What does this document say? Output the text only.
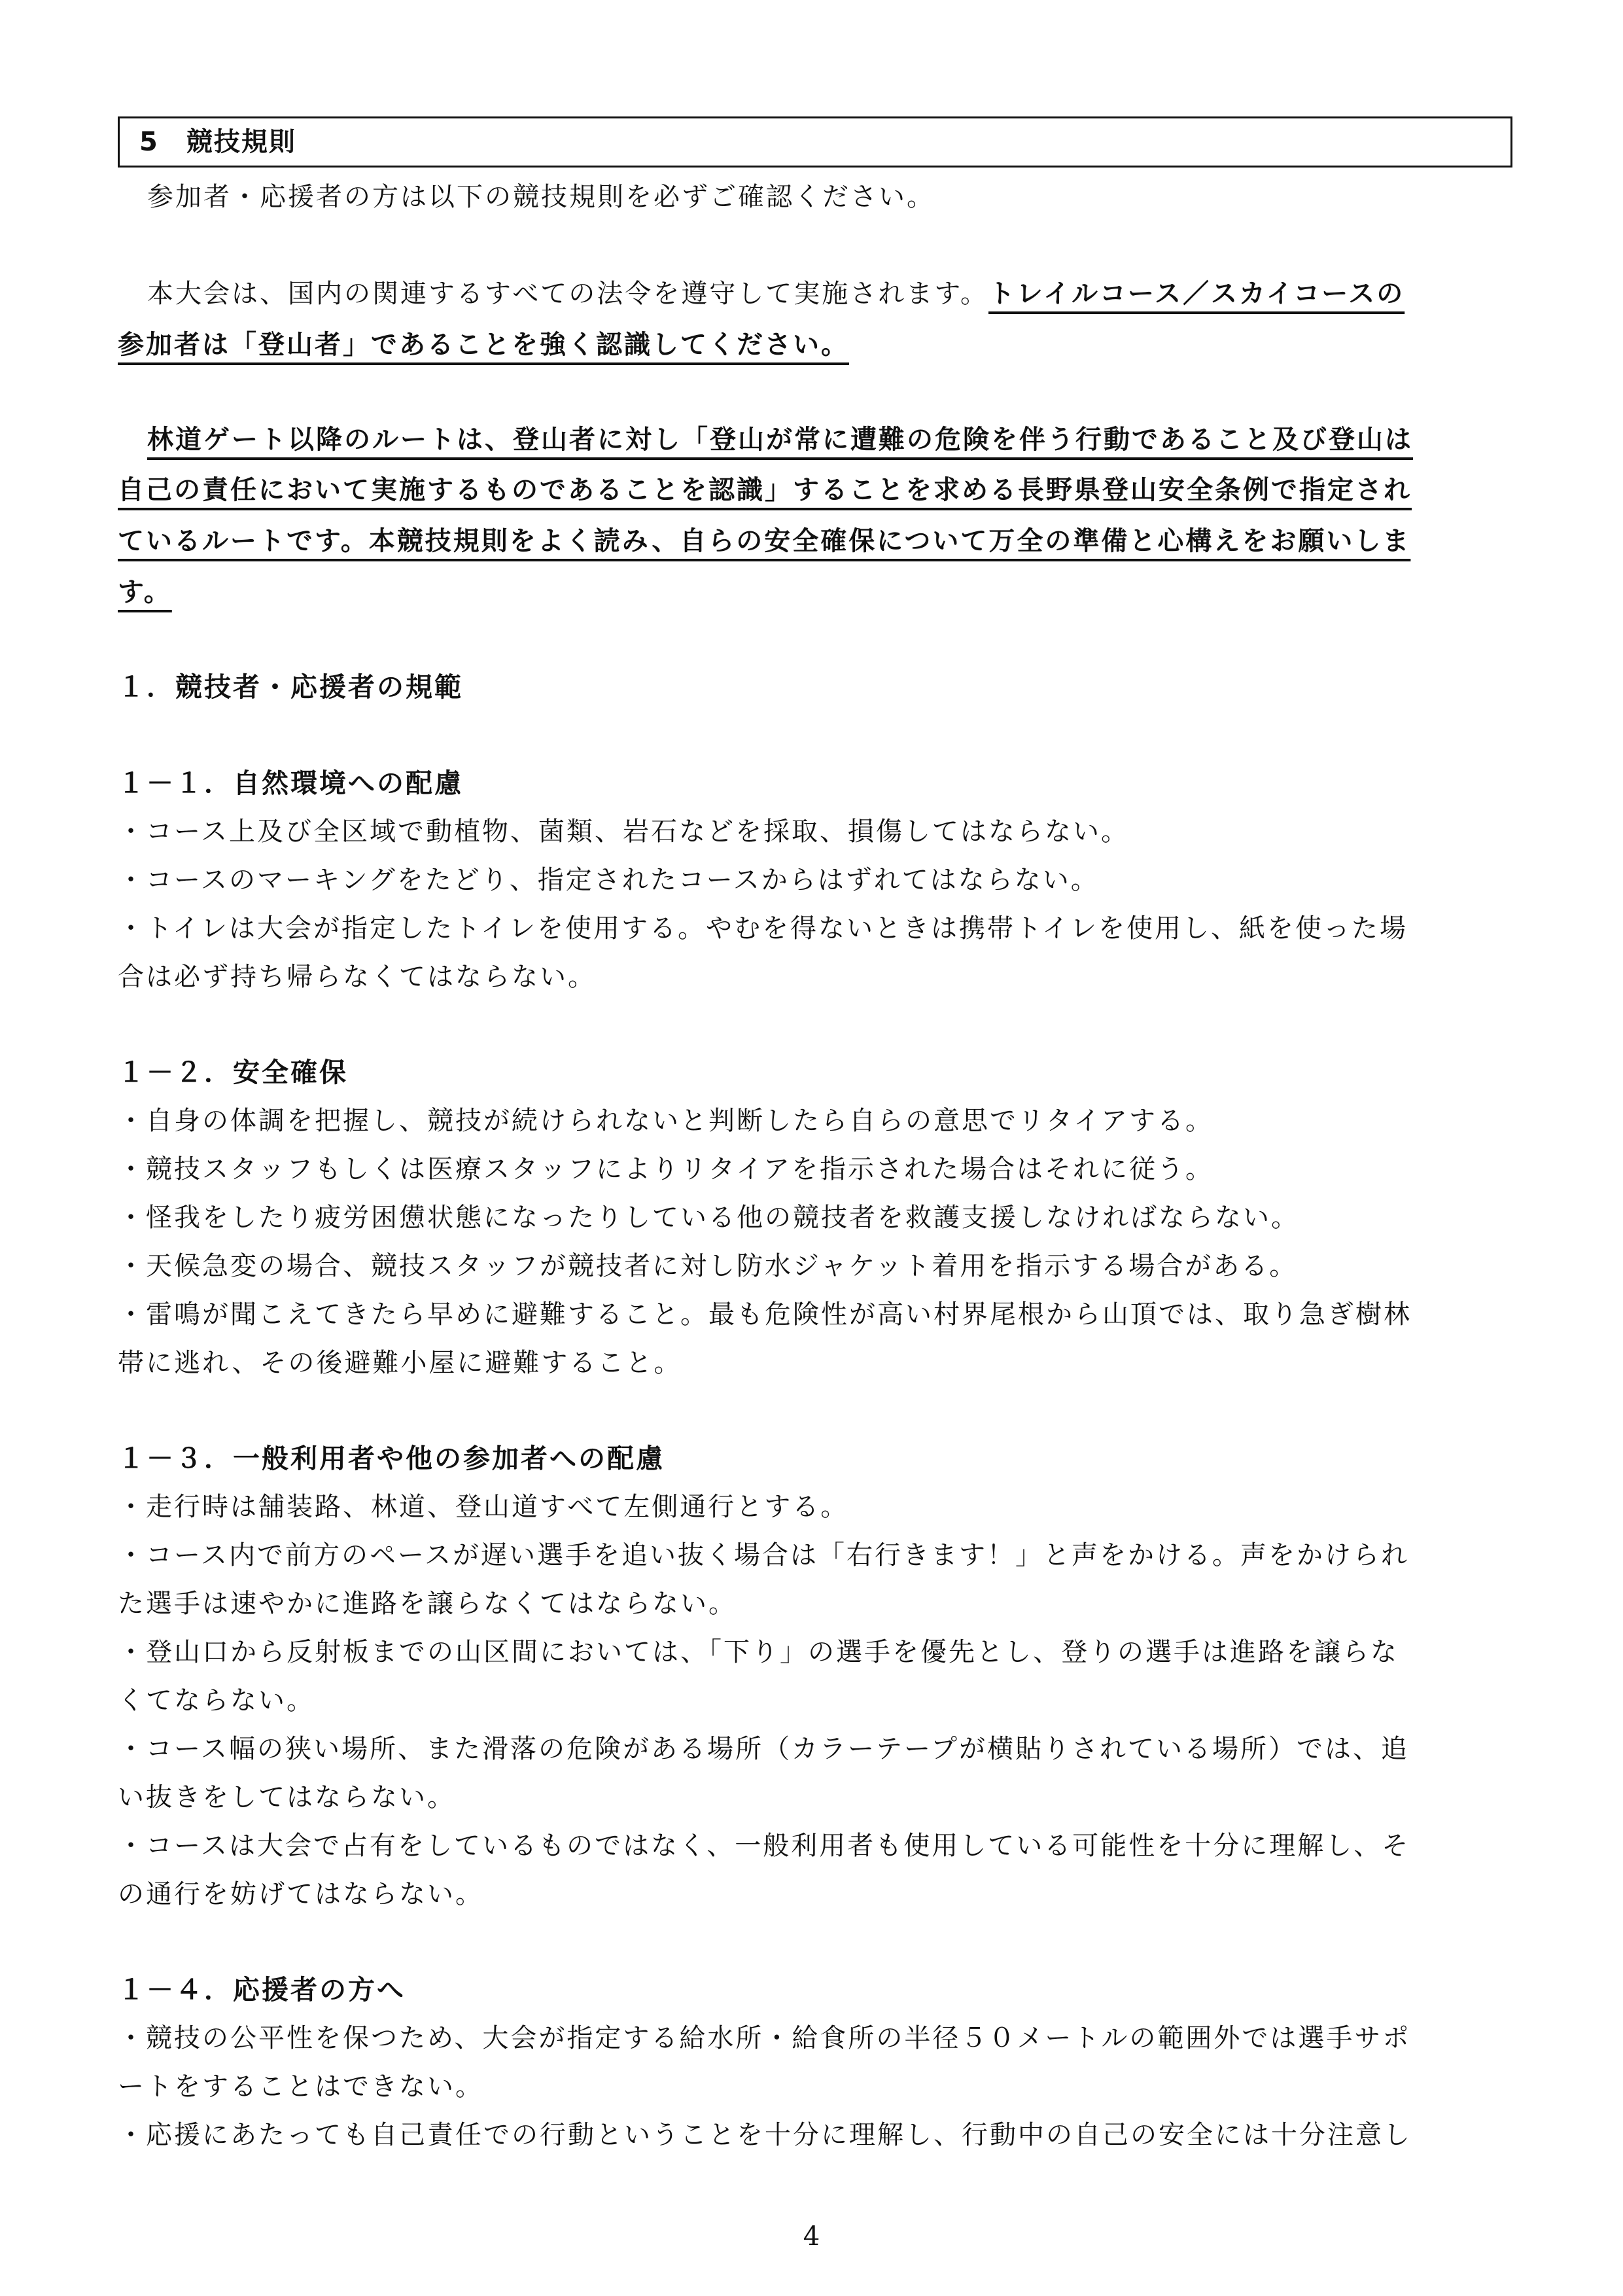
5　競技規則
参加者・応援者の方は以下の競技規則を必ずご確認ください。
本大会は、国内の関連するすべての法令を遵守して実施されます。トレイルコース／スカイコースの
参加者は「登山者」であることを強く認識してください。
林道ゲート以降のルートは、登山者に対し「登山が常に遭難の危険を伴う行動であること及び登山は
自己の責任において実施するものであることを認識」することを求める長野県登山安全条例で指定され
ているルートです。本競技規則をよく読み、自らの安全確保について万全の準備と心構えをお願いしま
す。
１．競技者・応援者の規範
１－１．自然環境への配慮
・コース上及び全区域で動植物、菌類、岩石などを採取、損傷してはならない。
・コースのマーキングをたどり、指定されたコースからはずれてはならない。
・トイレは大会が指定したトイレを使用する。やむを得ないときは携帯トイレを使用し、紙を使った場
合は必ず持ち帰らなくてはならない。
１－２．安全確保
・自身の体調を把握し、競技が続けられないと判断したら自らの意思でリタイアする。
・競技スタッフもしくは医療スタッフによりリタイアを指示された場合はそれに従う。
・怪我をしたり疲労困憊状態になったりしている他の競技者を救護支援しなければならない。
・天候急変の場合、競技スタッフが競技者に対し防水ジャケット着用を指示する場合がある。
・雷鳴が聞こえてきたら早めに避難すること。最も危険性が高い村界尾根から山頂では、取り急ぎ樹林
帯に逃れ、その後避難小屋に避難すること。
１－３．一般利用者や他の参加者への配慮
・走行時は舗装路、林道、登山道すべて左側通行とする。
・コース内で前方のペースが遅い選手を追い抜く場合は「右行きます！」と声をかける。声をかけられ
た選手は速やかに進路を譲らなくてはならない。
・登山口から反射板までの山区間においては、「下り」の選手を優先とし、登りの選手は進路を譲らな
くてならない。
・コース幅の狭い場所、また滑落の危険がある場所（カラーテープが横貼りされている場所）では、追
い抜きをしてはならない。
・コースは大会で占有をしているものではなく、一般利用者も使用している可能性を十分に理解し、そ
の通行を妨げてはならない。
１－４．応援者の方へ
・競技の公平性を保つため、大会が指定する給水所・給食所の半径５０メートルの範囲外では選手サポ
ートをすることはできない。
・応援にあたっても自己責任での行動ということを十分に理解し、行動中の自己の安全には十分注意し
4
